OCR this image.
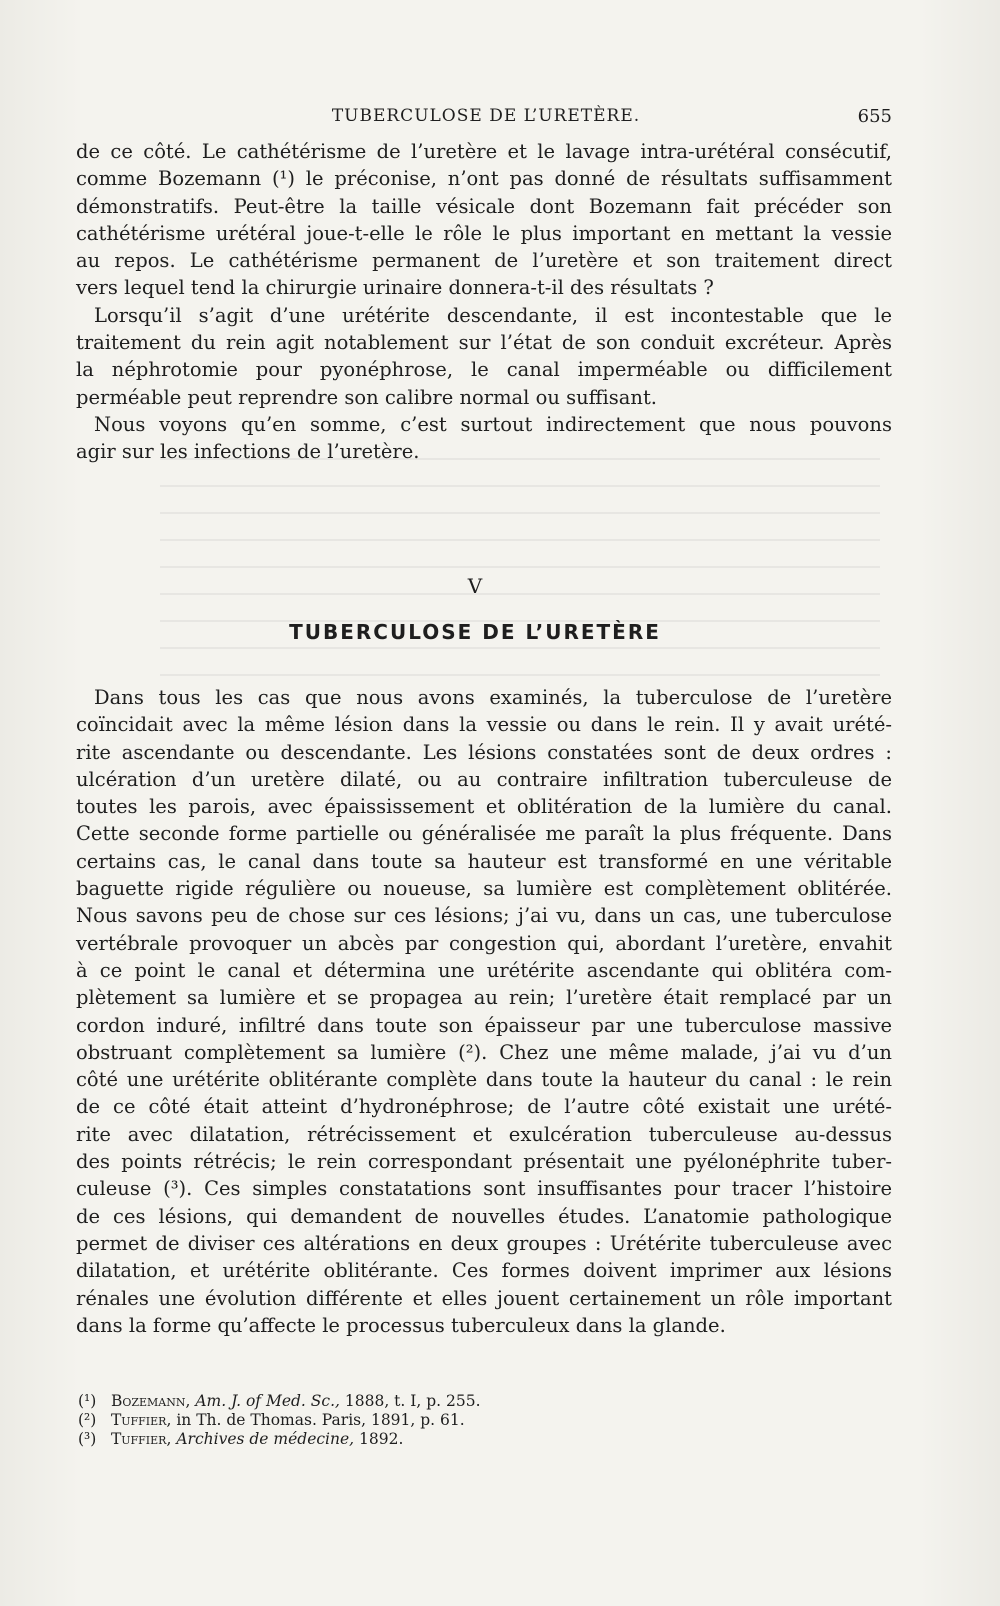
TUBERCULOSE DE L’URETÈRE.	655
de ce côté. Le cathétérisme de l’uretère et le lavage intra-urétéral consécutif,
comme Bozemann (¹) le préconise, n’ont pas donné de résultats suffisamment
démonstratifs. Peut-être la taille vésicale dont Bozemann fait précéder son
cathétérisme urétéral joue-t-elle le rôle le plus important en mettant la vessie
au repos. Le cathétérisme permanent de l’uretère et son traitement direct
vers lequel tend la chirurgie urinaire donnera-t-il des résultats ?
Lorsqu’il s’agit d’une urétérite descendante, il est incontestable que le
traitement du rein agit notablement sur l’état de son conduit excréteur. Après
la néphrotomie pour pyonéphrose, le canal imperméable ou difficilement
perméable peut reprendre son calibre normal ou suffisant.
Nous voyons qu’en somme, c’est surtout indirectement que nous pouvons
agir sur les infections de l’uretère.
V
TUBERCULOSE DE L’URETÈRE
Dans tous les cas que nous avons examinés, la tuberculose de l’uretère
coïncidait avec la même lésion dans la vessie ou dans le rein. Il y avait urété-
rite ascendante ou descendante. Les lésions constatées sont de deux ordres :
ulcération d’un uretère dilaté, ou au contraire infiltration tuberculeuse de
toutes les parois, avec épaississement et oblitération de la lumière du canal.
Cette seconde forme partielle ou généralisée me paraît la plus fréquente. Dans
certains cas, le canal dans toute sa hauteur est transformé en une véritable
baguette rigide régulière ou noueuse, sa lumière est complètement oblitérée.
Nous savons peu de chose sur ces lésions; j’ai vu, dans un cas, une tuberculose
vertébrale provoquer un abcès par congestion qui, abordant l’uretère, envahit
à ce point le canal et détermina une urétérite ascendante qui oblitéra com-
plètement sa lumière et se propagea au rein; l’uretère était remplacé par un
cordon induré, infiltré dans toute son épaisseur par une tuberculose massive
obstruant complètement sa lumière (²). Chez une même malade, j’ai vu d’un
côté une urétérite oblitérante complète dans toute la hauteur du canal : le rein
de ce côté était atteint d’hydronéphrose; de l’autre côté existait une urété-
rite avec dilatation, rétrécissement et exulcération tuberculeuse au-dessus
des points rétrécis; le rein correspondant présentait une pyélonéphrite tuber-
culeuse (³). Ces simples constatations sont insuffisantes pour tracer l’histoire
de ces lésions, qui demandent de nouvelles études. L’anatomie pathologique
permet de diviser ces altérations en deux groupes : Urétérite tuberculeuse avec
dilatation, et urétérite oblitérante. Ces formes doivent imprimer aux lésions
rénales une évolution différente et elles jouent certainement un rôle important
dans la forme qu’affecte le processus tuberculeux dans la glande.
(¹) Bozemann, Am. J. of Med. Sc., 1888, t. I, p. 255.
(²) Tuffier, in Th. de Thomas. Paris, 1891, p. 61.
(³) Tuffier, Archives de médecine, 1892.
